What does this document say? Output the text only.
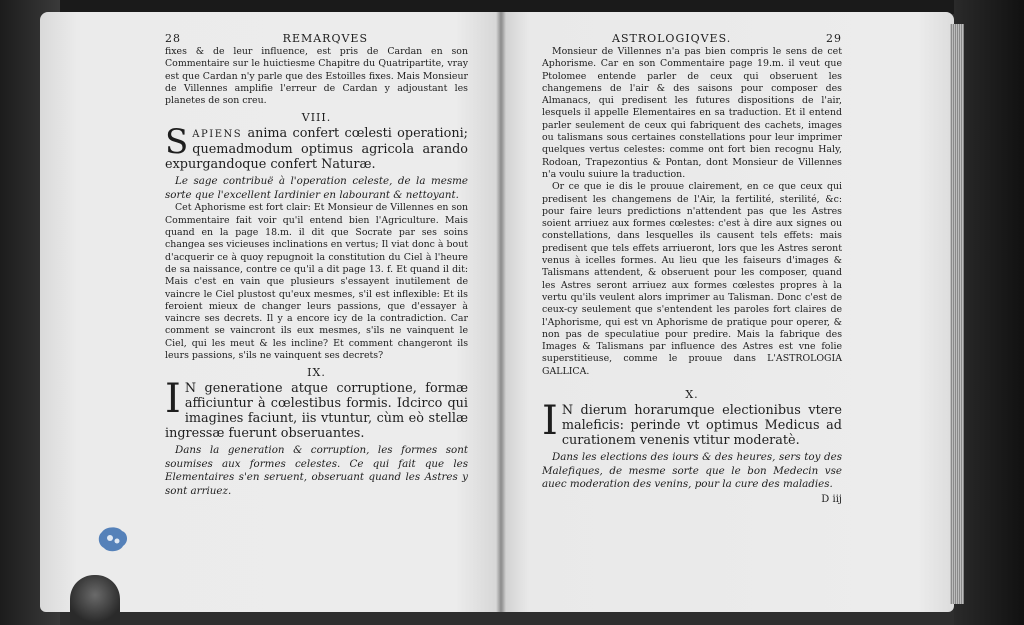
28	REMARQVES

fixes & de leur influence, est pris de Cardan en son Commentaire sur le huictiesme Chapitre du Quatripartite, vray est que Cardan n'y parle que des Estoilles fixes. Mais Monsieur de Villennes amplifie l'erreur de Cardan y adjoustant les planetes de son creu.

VIII.
S APIENS anima confert cœlesti operationi; quemadmodum optimus agricola arando expurgandoque confert Naturæ.

Le sage contribuë à l'operation celeste, de la mesme sorte que l'excellent Iardinier en labourant & nettoyant.

Cet Aphorisme est fort clair: Et Monsieur de Villennes en son Commentaire fait voir qu'il entend bien l'Agriculture. Mais quand en la page 18.m. il dit que Socrate par ses soins changea ses vicieuses inclinations en vertus; Il viat donc à bout d'acquerir ce à quoy repugnoit la constitution du Ciel à l'heure de sa naissance, contre ce qu'il a dit page 13. f. Et quand il dit: Mais c'est en vain que plusieurs s'essayent inutilement de vaincre le Ciel plustost qu'eux mesmes, s'il est inflexible: Et ils feroient mieux de changer leurs passions, que d'essayer à vaincre ses decrets. Il y a encore icy de la contradiction. Car comment se vaincront ils eux mesmes, s'ils ne vainquent le Ciel, qui les meut & les incline? Et comment changeront ils leurs passions, s'ils ne vainquent ses decrets?

IX.
I N generatione atque corruptione, formæ afficiuntur à cœlestibus formis. Idcirco qui imagines faciunt, iis vtuntur, cùm eò stellæ ingressæ fuerunt obseruantes.

Dans la generation & corruption, les formes sont soumises aux formes celestes. Ce qui fait que les Elementaires s'en seruent, obseruant quand les Astres y sont arriuez.

ASTROLOGIQVES.	29

Monsieur de Villennes n'a pas bien compris le sens de cet Aphorisme. Car en son Commentaire page 19.m. il veut que Ptolomee entende parler de ceux qui obseruent les changemens de l'air & des saisons pour composer des Almanacs, qui predisent les futures dispositions de l'air, lesquels il appelle Elementaires en sa traduction. Et il entend parler seulement de ceux qui fabriquent des cachets, images ou talismans sous certaines constellations pour leur imprimer quelques vertus celestes: comme ont fort bien recognu Haly, Rodoan, Trapezontius & Pontan, dont Monsieur de Villennes n'a voulu suiure la traduction.

Or ce que ie dis le prouue clairement, en ce que ceux qui predisent les changemens de l'Air, la fertilité, sterilité, &c: pour faire leurs predictions n'attendent pas que les Astres soient arriuez aux formes cœlestes: c'est à dire aux signes ou constellations, dans lesquelles ils causent tels effets: mais predisent que tels effets arriueront, lors que les Astres seront venus à icelles formes. Au lieu que les faiseurs d'images & Talismans attendent, & obseruent pour les composer, quand les Astres seront arriuez aux formes cœlestes propres à la vertu qu'ils veulent alors imprimer au Talisman. Donc c'est de ceux-cy seulement que s'entendent les paroles fort claires de l'Aphorisme, qui est vn Aphorisme de pratique pour operer, & non pas de speculatiue pour predire. Mais la fabrique des Images & Talismans par influence des Astres est vne folie superstitieuse, comme le prouue dans L'ASTROLOGIA GALLICA.

X.
I N dierum horarumque electionibus vtere maleficis: perinde vt optimus Medicus ad curationem venenis vtitur moderatè.

Dans les elections des iours & des heures, sers toy des Malefiques, de mesme sorte que le bon Medecin vse auec moderation des venins, pour la cure des maladies.

D iij
